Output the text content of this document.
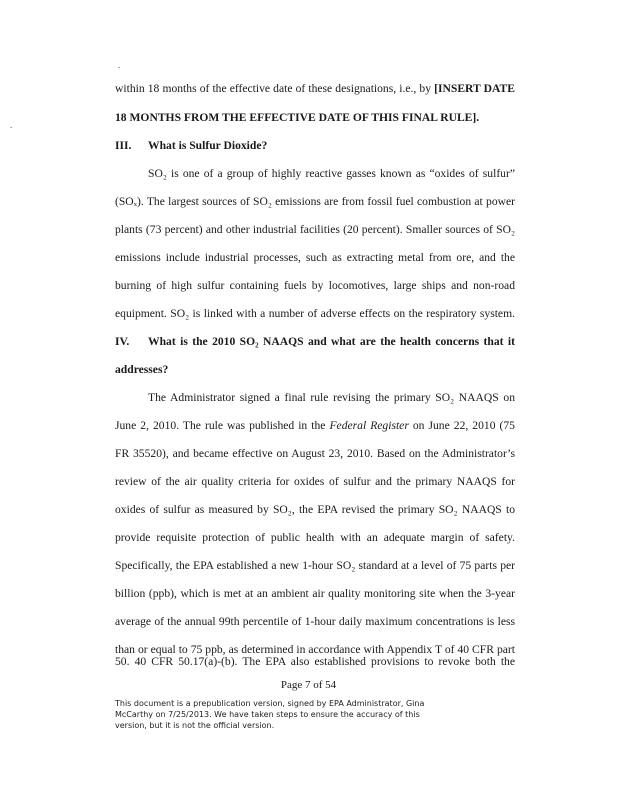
.
.
within 18 months of the effective date of these designations, i.e., by [INSERT DATE
18 MONTHS FROM THE EFFECTIVE DATE OF THIS FINAL RULE].
III. What is Sulfur Dioxide?
SO₂ is one of a group of highly reactive gasses known as “oxides of sulfur”
(SOₓ). The largest sources of SO₂ emissions are from fossil fuel combustion at power
plants (73 percent) and other industrial facilities (20 percent). Smaller sources of SO₂
emissions include industrial processes, such as extracting metal from ore, and the
burning of high sulfur containing fuels by locomotives, large ships and non-road
equipment. SO₂ is linked with a number of adverse effects on the respiratory system.
IV. What is the 2010 SO₂ NAAQS and what are the health concerns that it
addresses?
The Administrator signed a final rule revising the primary SO₂ NAAQS on
June 2, 2010. The rule was published in the Federal Register on June 22, 2010 (75
FR 35520), and became effective on August 23, 2010. Based on the Administrator’s
review of the air quality criteria for oxides of sulfur and the primary NAAQS for
oxides of sulfur as measured by SO₂, the EPA revised the primary SO₂ NAAQS to
provide requisite protection of public health with an adequate margin of safety.
Specifically, the EPA established a new 1-hour SO₂ standard at a level of 75 parts per
billion (ppb), which is met at an ambient air quality monitoring site when the 3-year
average of the annual 99th percentile of 1-hour daily maximum concentrations is less
than or equal to 75 ppb, as determined in accordance with Appendix T of 40 CFR part
50. 40 CFR 50.17(a)-(b). The EPA also established provisions to revoke both the
Page 7 of 54
This document is a prepublication version, signed by EPA Administrator, Gina McCarthy on 7/25/2013. We have taken steps to ensure the accuracy of this version, but it is not the official version.
